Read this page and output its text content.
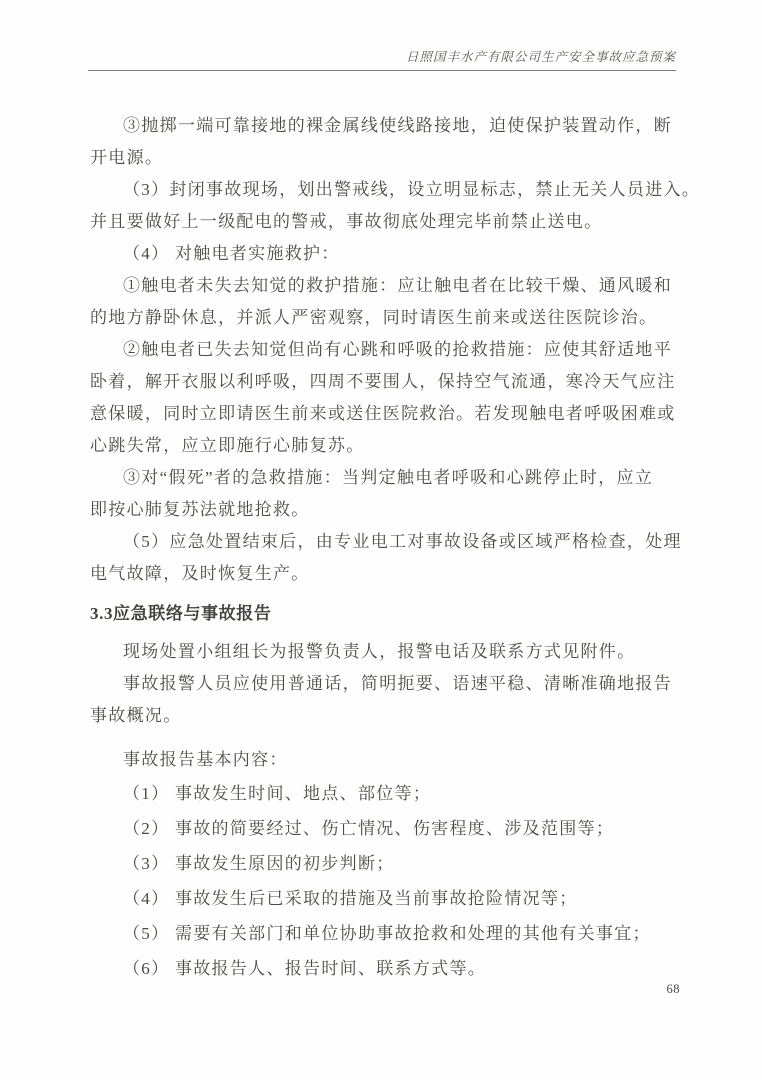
日照国丰水产有限公司生产安全事故应急预案
③抛掷一端可靠接地的裸金属线使线路接地，迫使保护装置动作，断
开电源。
（3）封闭事故现场，划出警戒线，设立明显标志，禁止无关人员进入。
并且要做好上一级配电的警戒，事故彻底处理完毕前禁止送电。
（4） 对触电者实施救护：
①触电者未失去知觉的救护措施：应让触电者在比较干燥、通风暖和
的地方静卧休息，并派人严密观察，同时请医生前来或送往医院诊治。
②触电者已失去知觉但尚有心跳和呼吸的抢救措施：应使其舒适地平
卧着，解开衣服以利呼吸，四周不要围人，保持空气流通，寒冷天气应注
意保暖，同时立即请医生前来或送住医院救治。若发现触电者呼吸困难或
心跳失常，应立即施行心肺复苏。
③对“假死”者的急救措施：当判定触电者呼吸和心跳停止时，应立
即按心肺复苏法就地抢救。
（5）应急处置结束后，由专业电工对事故设备或区域严格检查，处理
电气故障，及时恢复生产。
3.3应急联络与事故报告
现场处置小组组长为报警负责人，报警电话及联系方式见附件。
事故报警人员应使用普通话，简明扼要、语速平稳、清晰准确地报告
事故概况。
事故报告基本内容：
（1） 事故发生时间、地点、部位等；
（2） 事故的简要经过、伤亡情况、伤害程度、涉及范围等；
（3） 事故发生原因的初步判断；
（4） 事故发生后已采取的措施及当前事故抢险情况等；
（5） 需要有关部门和单位协助事故抢救和处理的其他有关事宜；
（6） 事故报告人、报告时间、联系方式等。
68
